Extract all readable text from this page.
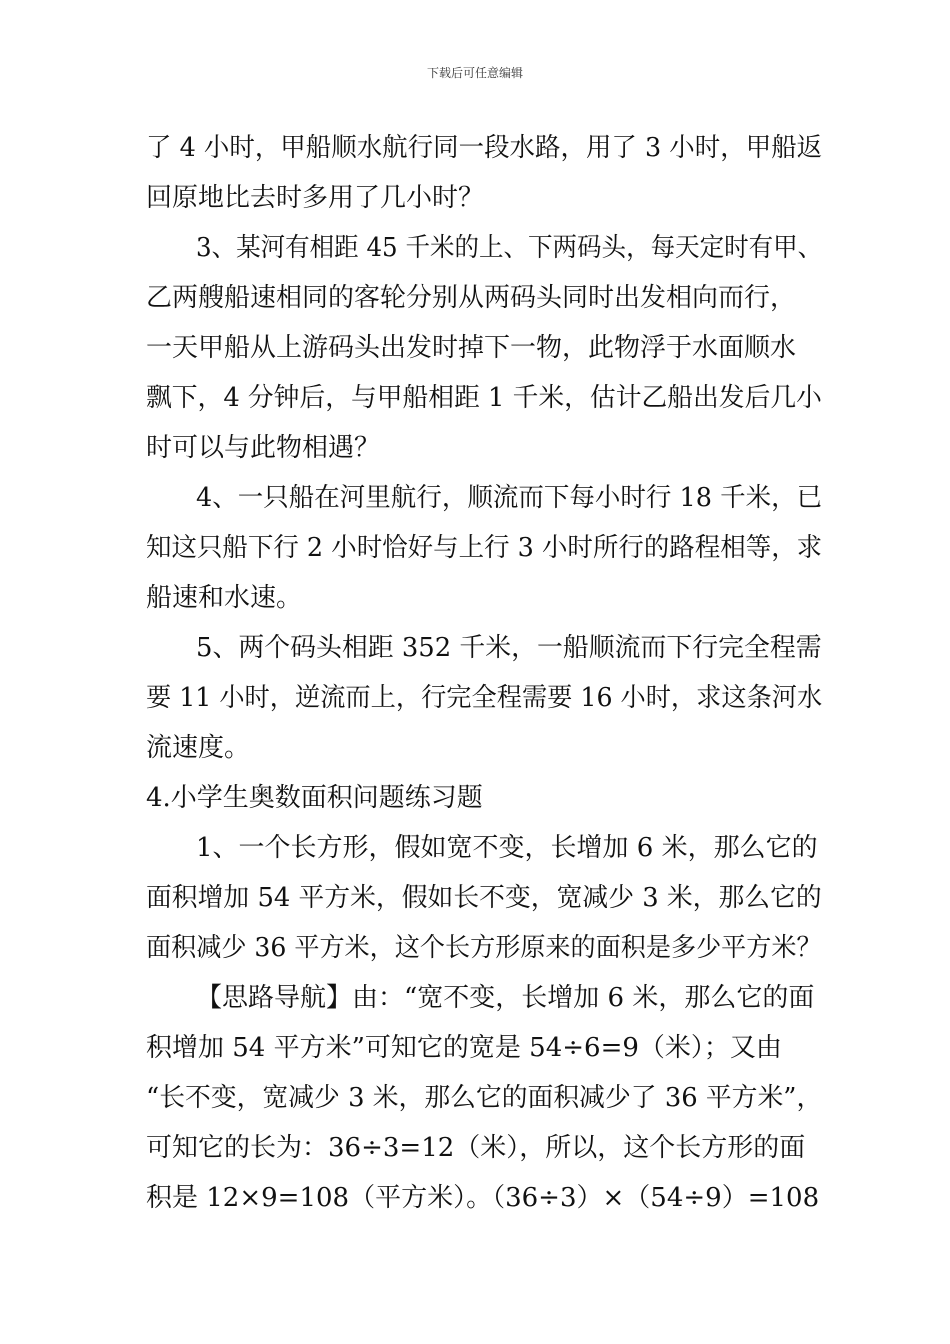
下载后可任意编辑
了 4 小时，甲船顺水航行同一段水路，用了 3 小时，甲船返
回原地比去时多用了几小时？
3、某河有相距 45 千米的上、下两码头，每天定时有甲、
乙两艘船速相同的客轮分别从两码头同时出发相向而行，
一天甲船从上游码头出发时掉下一物，此物浮于水面顺水
飘下，4 分钟后，与甲船相距 1 千米，估计乙船出发后几小
时可以与此物相遇？
4、一只船在河里航行，顺流而下每小时行 18 千米，已
知这只船下行 2 小时恰好与上行 3 小时所行的路程相等，求
船速和水速。
5、两个码头相距 352 千米，一船顺流而下行完全程需
要 11 小时，逆流而上，行完全程需要 16 小时，求这条河水
流速度。
4.小学生奥数面积问题练习题
1、一个长方形，假如宽不变，长增加 6 米，那么它的
面积增加 54 平方米，假如长不变，宽减少 3 米，那么它的
面积减少 36 平方米，这个长方形原来的面积是多少平方米？
【思路导航】由：“宽不变，长增加 6 米，那么它的面
积增加 54 平方米”可知它的宽是 54÷6=9（米）；又由
“长不变，宽减少 3 米，那么它的面积减少了 36 平方米”，
可知它的长为：36÷3=12（米），所以，这个长方形的面
积是 12×9=108（平方米）。（36÷3）×（54÷9）=108
